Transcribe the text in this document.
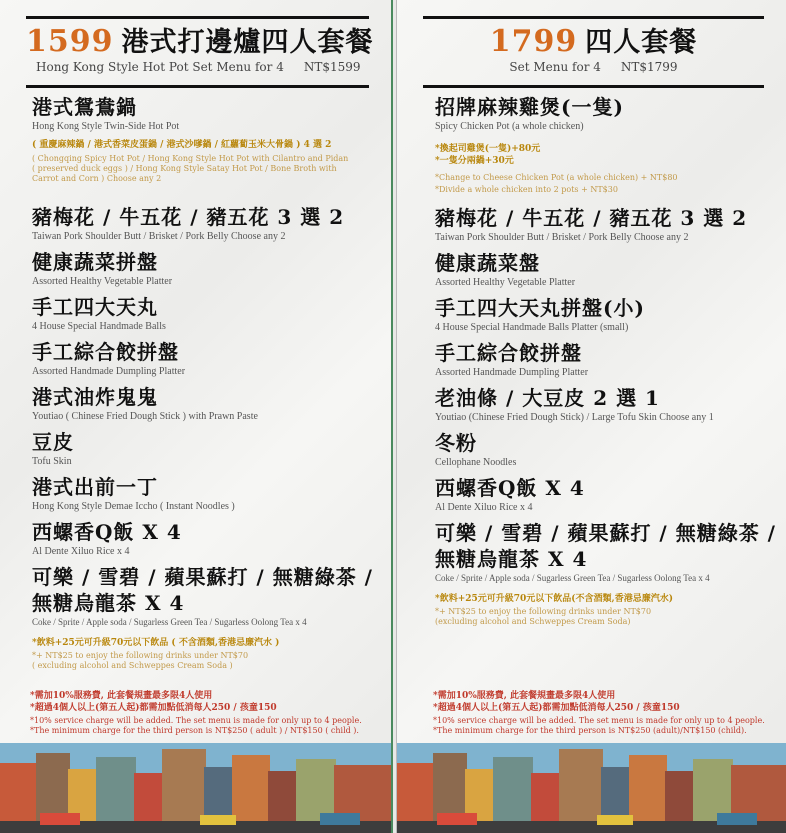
1599 港式打邊爐四人套餐
Hong Kong Style Hot Pot Set Menu for 4 NT$1599
港式鴛鴦鍋
Hong Kong Style Twin-Side Hot Pot
( 重慶麻辣鍋 / 港式香菜皮蛋鍋 / 港式沙嗲鍋 / 紅蘿蔔玉米大骨鍋 ) 4 選 2
( Chongqing Spicy Hot Pot / Hong Kong Style Hot Pot with Cilantro and Pidan ( preserved duck eggs ) / Hong Kong Style Satay Hot Pot / Bone Broth with Carrot and Corn ) Choose any 2
豬梅花 / 牛五花 / 豬五花 3 選 2
Taiwan Pork Shoulder Butt / Brisket / Pork Belly Choose any 2
健康蔬菜拼盤
Assorted Healthy Vegetable Platter
手工四大天丸
4 House Special Handmade Balls
手工綜合餃拼盤
Assorted Handmade Dumpling Platter
港式油炸鬼鬼
Youtiao ( Chinese Fried Dough Stick ) with Prawn Paste
豆皮
Tofu Skin
港式出前一丁
Hong Kong Style Demae Iccho ( Instant Noodles )
西螺香Q飯 X 4
Al Dente Xiluo Rice x 4
可樂 / 雪碧 / 蘋果蘇打 / 無糖綠茶 /
無糖烏龍茶 X 4
Coke / Sprite / Apple soda / Sugarless Green Tea / Sugarless Oolong Tea x 4
*飲料+25元可升級70元以下飲品 ( 不含酒類,香港忌廉汽水 )
*+ NT$25 to enjoy the following drinks under NT$70
( excluding alcohol and Schweppes Cream Soda )
*需加10%服務費, 此套餐規畫最多限4人使用
*超過4個人以上(第五人起)都需加點低消每人250 / 孩童150
*10% service charge will be added. The set menu is made for only up to 4 people.
*The minimum charge for the third person is NT$250 ( adult ) / NT$150 ( child ).
1799 四人套餐
Set Menu for 4 NT$1799
招牌麻辣雞煲(一隻)
Spicy Chicken Pot (a whole chicken)
*換起司雞煲(一隻)+80元
*一隻分兩鍋+30元
*Change to Cheese Chicken Pot (a whole chicken) + NT$80
*Divide a whole chicken into 2 pots + NT$30
豬梅花 / 牛五花 / 豬五花 3 選 2
Taiwan Pork Shoulder Butt / Brisket / Pork Belly Choose any 2
健康蔬菜盤
Assorted Healthy Vegetable Platter
手工四大天丸拼盤(小)
4 House Special Handmade Balls Platter (small)
手工綜合餃拼盤
Assorted Handmade Dumpling Platter
老油條 / 大豆皮 2 選 1
Youtiao (Chinese Fried Dough Stick) / Large Tofu Skin Choose any 1
冬粉
Cellophane Noodles
西螺香Q飯 X 4
Al Dente Xiluo Rice x 4
可樂 / 雪碧 / 蘋果蘇打 / 無糖綠茶 /
無糖烏龍茶 X 4
Coke / Sprite / Apple soda / Sugarless Green Tea / Sugarless Oolong Tea x 4
*飲料+25元可升級70元以下飲品(不含酒類,香港忌廉汽水)
*+ NT$25 to enjoy the following drinks under NT$70
(excluding alcohol and Schweppes Cream Soda)
*需加10%服務費, 此套餐規畫最多限4人使用
*超過4個人以上(第五人起)都需加點低消每人250 / 孩童150
*10% service charge will be added. The set menu is made for only up to 4 people.
*The minimum charge for the third person is NT$250 (adult)/NT$150 (child).
